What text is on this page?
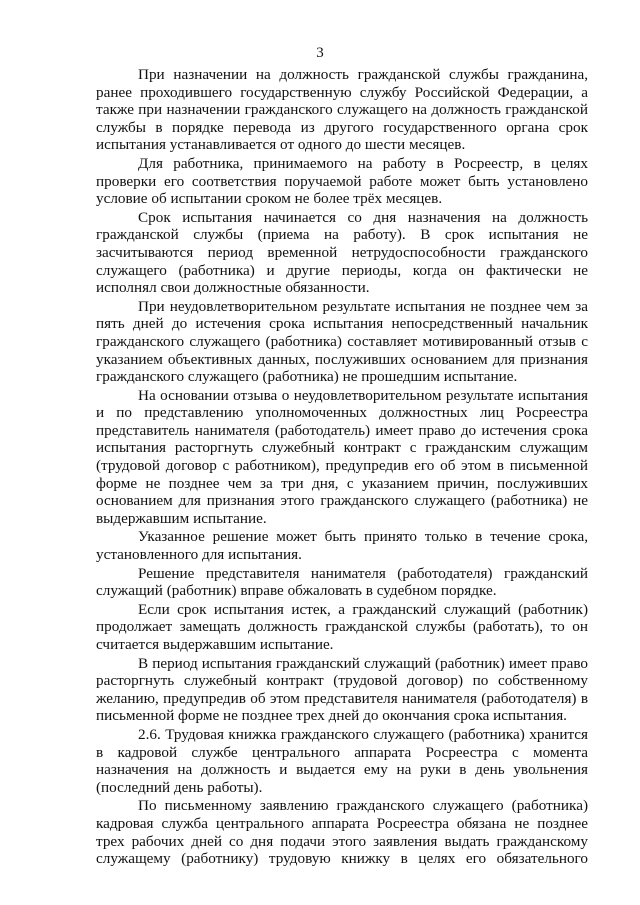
3

При назначении на должность гражданской службы гражданина, ранее проходившего государственную службу Российской Федерации, а также при назначении гражданского служащего на должность гражданской службы в порядке перевода из другого государственного органа срок испытания устанавливается от одного до шести месяцев.

Для работника, принимаемого на работу в Росреестр, в целях проверки его соответствия поручаемой работе может быть установлено условие об испытании сроком не более трёх месяцев.

Срок испытания начинается со дня назначения на должность гражданской службы (приема на работу). В срок испытания не засчитываются период временной нетрудоспособности гражданского служащего (работника) и другие периоды, когда он фактически не исполнял свои должностные обязанности.

При неудовлетворительном результате испытания не позднее чем за пять дней до истечения срока испытания непосредственный начальник гражданского служащего (работника) составляет мотивированный отзыв с указанием объективных данных, послуживших основанием для признания гражданского служащего (работника) не прошедшим испытание.

На основании отзыва о неудовлетворительном результате испытания и по представлению уполномоченных должностных лиц Росреестра представитель нанимателя (работодатель) имеет право до истечения срока испытания расторгнуть служебный контракт с гражданским служащим (трудовой договор с работником), предупредив его об этом в письменной форме не позднее чем за три дня, с указанием причин, послуживших основанием для признания этого гражданского служащего (работника) не выдержавшим испытание.

Указанное решение может быть принято только в течение срока, установленного для испытания.

Решение представителя нанимателя (работодателя) гражданский служащий (работник) вправе обжаловать в судебном порядке.

Если срок испытания истек, а гражданский служащий (работник) продолжает замещать должность гражданской службы (работать), то он считается выдержавшим испытание.

В период испытания гражданский служащий (работник) имеет право расторгнуть служебный контракт (трудовой договор) по собственному желанию, предупредив об этом представителя нанимателя (работодателя) в письменной форме не позднее трех дней до окончания срока испытания.

2.6. Трудовая книжка гражданского служащего (работника) хранится в кадровой службе центрального аппарата Росреестра с момента назначения на должность и выдается ему на руки в день увольнения (последний день работы).

По письменному заявлению гражданского служащего (работника) кадровая служба центрального аппарата Росреестра обязана не позднее трех рабочих дней со дня подачи этого заявления выдать гражданскому служащему (работнику) трудовую книжку в целях его обязательного
